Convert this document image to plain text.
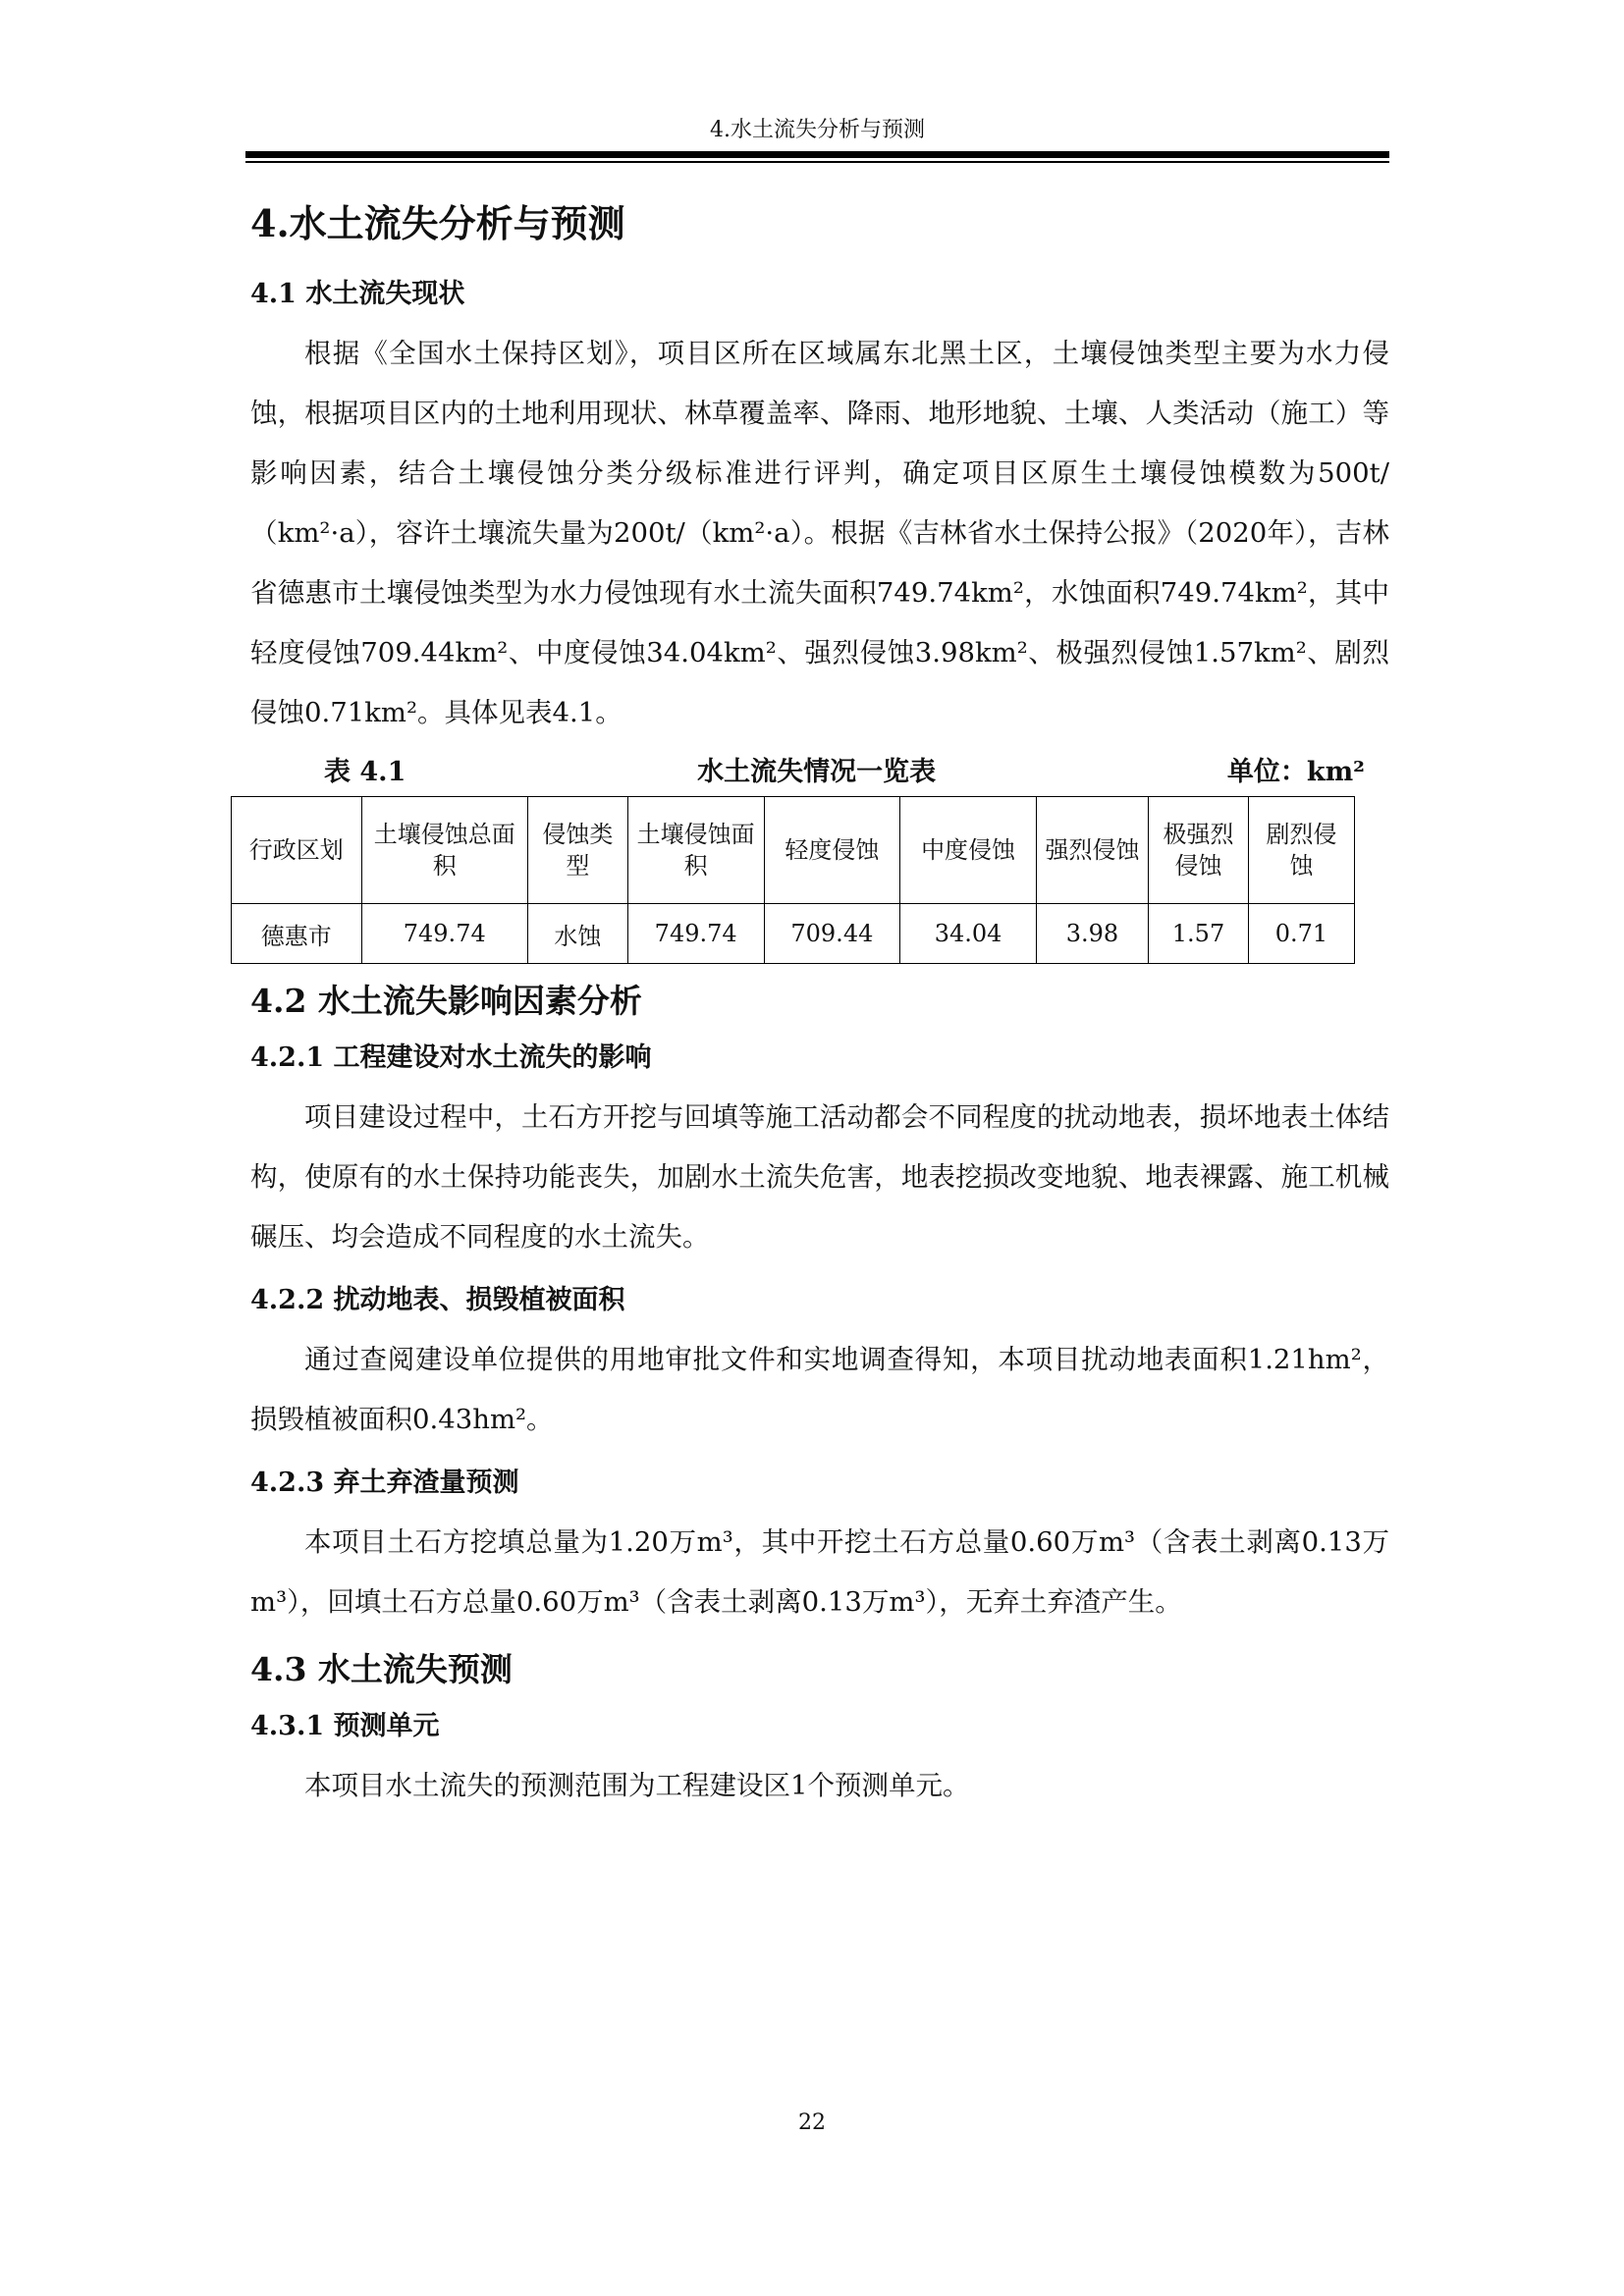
4.水土流失分析与预测
4.水土流失分析与预测
4.1 水土流失现状

根据《全国水土保持区划》，项目区所在区域属东北黑土区，土壤侵蚀类型主要为水力侵蚀，根据项目区内的土地利用现状、林草覆盖率、降雨、地形地貌、土壤、人类活动（施工）等影响因素，结合土壤侵蚀分类分级标准进行评判，确定项目区原生土壤侵蚀模数为500t/（km²·a），容许土壤流失量为200t/（km²·a）。根据《吉林省水土保持公报》（2020年），吉林省德惠市土壤侵蚀类型为水力侵蚀现有水土流失面积749.74km²，水蚀面积749.74km²，其中轻度侵蚀709.44km²、中度侵蚀34.04km²、强烈侵蚀3.98km²、极强烈侵蚀1.57km²、剧烈侵蚀0.71km²。具体见表4.1。

表 4.1	水土流失情况一览表	单位：km²
行政区划	土壤侵蚀总面积	侵蚀类型	土壤侵蚀面积	轻度侵蚀	中度侵蚀	强烈侵蚀	极强烈侵蚀	剧烈侵蚀
德惠市	749.74	水蚀	749.74	709.44	34.04	3.98	1.57	0.71
4.2 水土流失影响因素分析
4.2.1 工程建设对水土流失的影响

项目建设过程中，土石方开挖与回填等施工活动都会不同程度的扰动地表，损坏地表土体结构，使原有的水土保持功能丧失，加剧水土流失危害，地表挖损改变地貌、地表裸露、施工机械碾压、均会造成不同程度的水土流失。

4.2.2 扰动地表、损毁植被面积

通过查阅建设单位提供的用地审批文件和实地调查得知，本项目扰动地表面积1.21hm²，损毁植被面积0.43hm²。

4.2.3 弃土弃渣量预测

本项目土石方挖填总量为1.20万m³，其中开挖土石方总量0.60万m³（含表土剥离0.13万m³），回填土石方总量0.60万m³（含表土剥离0.13万m³），无弃土弃渣产生。

4.3 水土流失预测
4.3.1 预测单元

本项目水土流失的预测范围为工程建设区1个预测单元。

22
